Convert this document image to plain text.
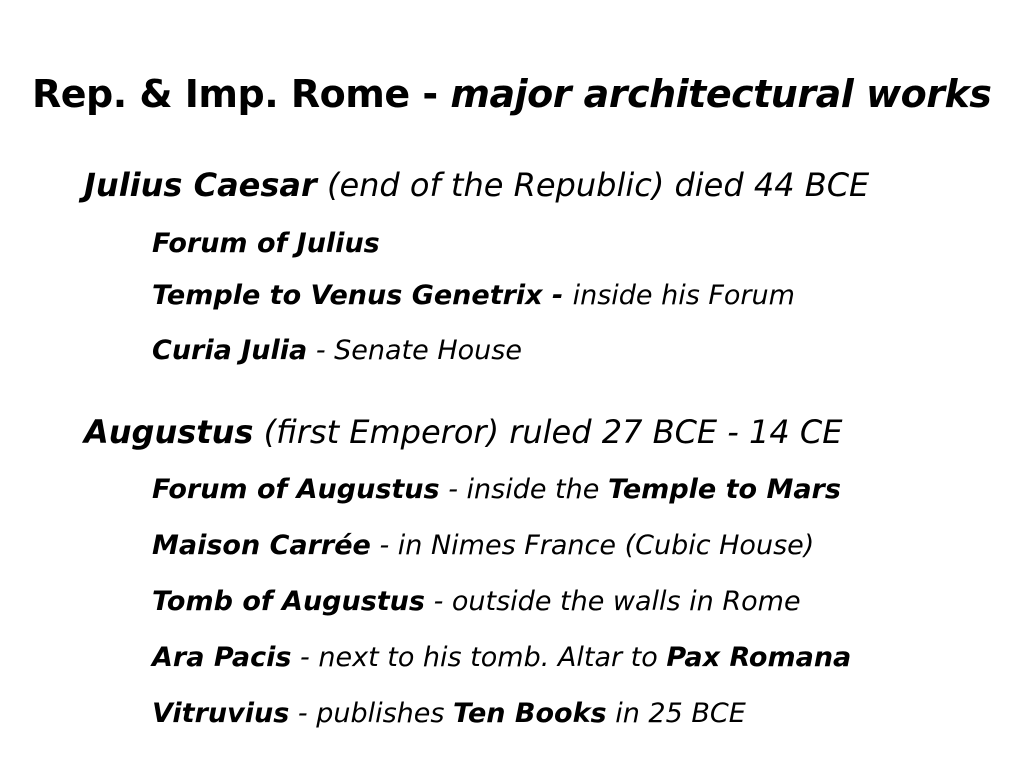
Rep. & Imp. Rome - major architectural works
Julius Caesar (end of the Republic) died 44 BCE
Forum of Julius
Temple to Venus Genetrix - inside his Forum
Curia Julia - Senate House
Augustus (first Emperor) ruled 27 BCE - 14 CE
Forum of Augustus - inside the Temple to Mars
Maison Carrée - in Nimes France (Cubic House)
Tomb of Augustus - outside the walls in Rome
Ara Pacis - next to his tomb. Altar to Pax Romana
Vitruvius - publishes Ten Books in 25 BCE
